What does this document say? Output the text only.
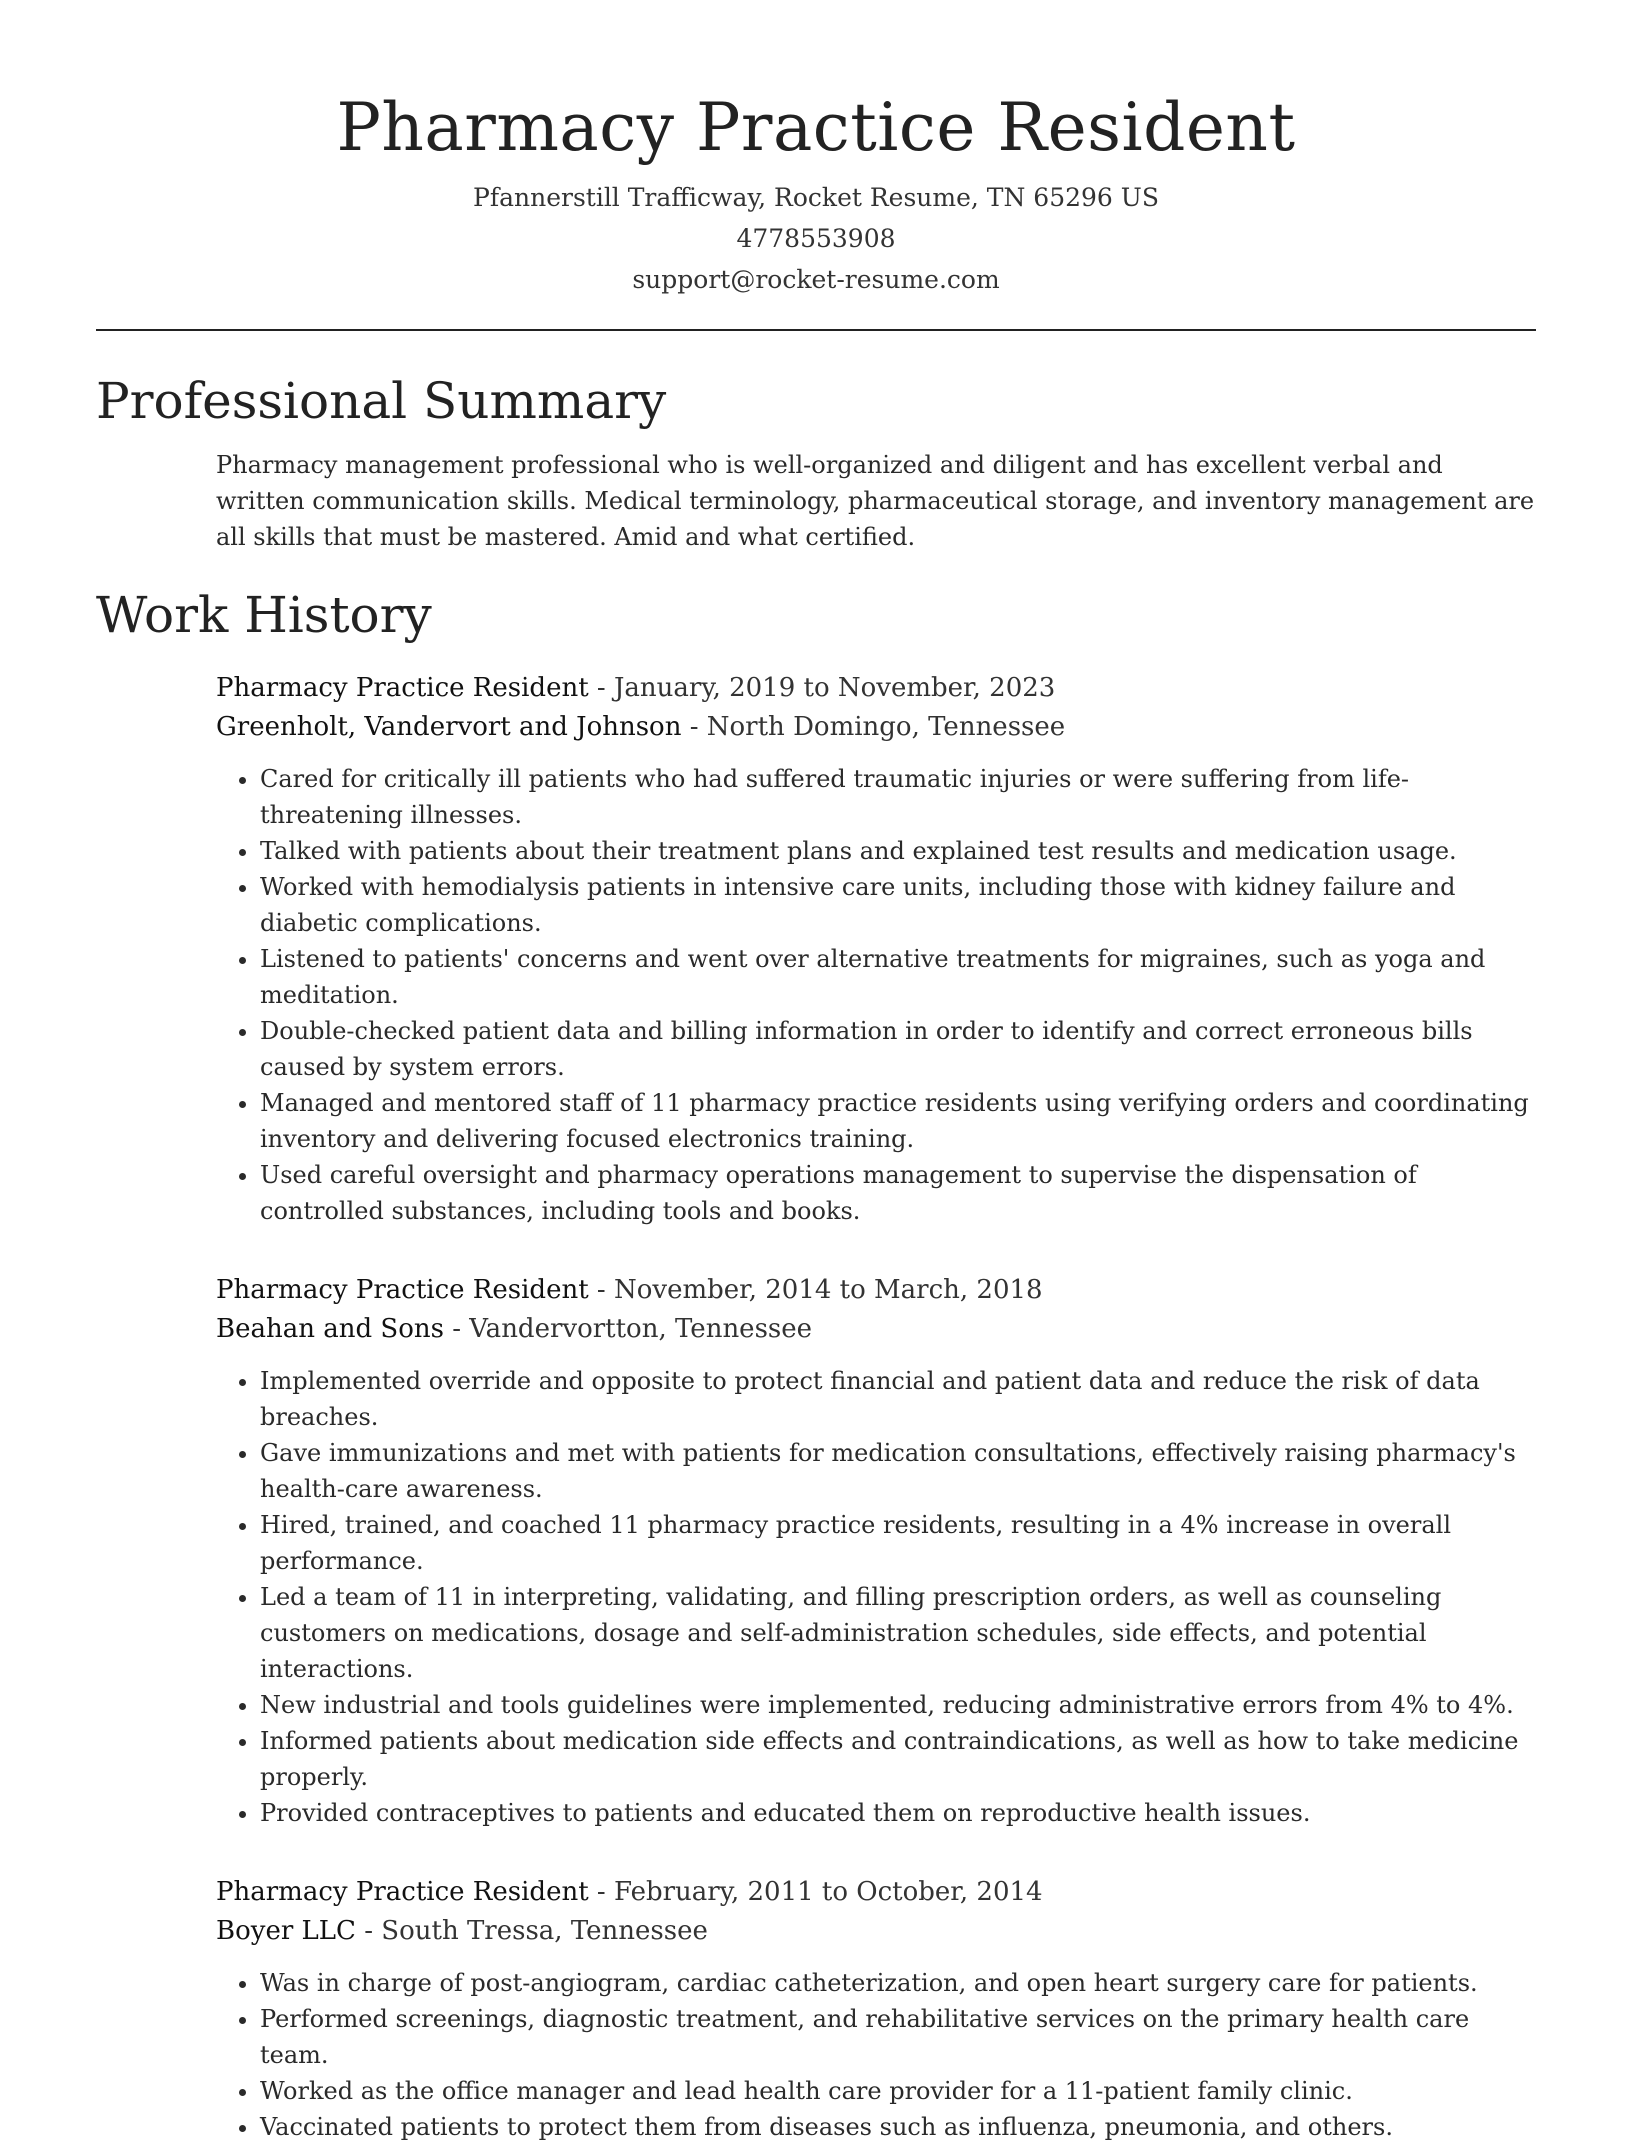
Pharmacy Practice Resident
Pfannerstill Trafficway, Rocket Resume, TN 65296 US
4778553908
support@rocket-resume.com
Professional Summary

Pharmacy management professional who is well-organized and diligent and has excellent verbal and written communication skills. Medical terminology, pharmaceutical storage, and inventory management are all skills that must be mastered. Amid and what certified.

Work History
Pharmacy Practice Resident - January, 2019 to November, 2023
Greenholt, Vandervort and Johnson - North Domingo, Tennessee
• Cared for critically ill patients who had suffered traumatic injuries or were suffering from life-threatening illnesses.
• Talked with patients about their treatment plans and explained test results and medication usage.
• Worked with hemodialysis patients in intensive care units, including those with kidney failure and diabetic complications.
• Listened to patients' concerns and went over alternative treatments for migraines, such as yoga and meditation.
• Double-checked patient data and billing information in order to identify and correct erroneous bills caused by system errors.
• Managed and mentored staff of 11 pharmacy practice residents using verifying orders and coordinating inventory and delivering focused electronics training.
• Used careful oversight and pharmacy operations management to supervise the dispensation of controlled substances, including tools and books.
Pharmacy Practice Resident - November, 2014 to March, 2018
Beahan and Sons - Vandervortton, Tennessee
• Implemented override and opposite to protect financial and patient data and reduce the risk of data breaches.
• Gave immunizations and met with patients for medication consultations, effectively raising pharmacy's health-care awareness.
• Hired, trained, and coached 11 pharmacy practice residents, resulting in a 4% increase in overall performance.
• Led a team of 11 in interpreting, validating, and filling prescription orders, as well as counseling customers on medications, dosage and self-administration schedules, side effects, and potential interactions.
• New industrial and tools guidelines were implemented, reducing administrative errors from 4% to 4%.
• Informed patients about medication side effects and contraindications, as well as how to take medicine properly.
• Provided contraceptives to patients and educated them on reproductive health issues.
Pharmacy Practice Resident - February, 2011 to October, 2014
Boyer LLC - South Tressa, Tennessee
• Was in charge of post-angiogram, cardiac catheterization, and open heart surgery care for patients.
• Performed screenings, diagnostic treatment, and rehabilitative services on the primary health care team.
• Worked as the office manager and lead health care provider for a 11-patient family clinic.
• Vaccinated patients to protect them from diseases such as influenza, pneumonia, and others.
